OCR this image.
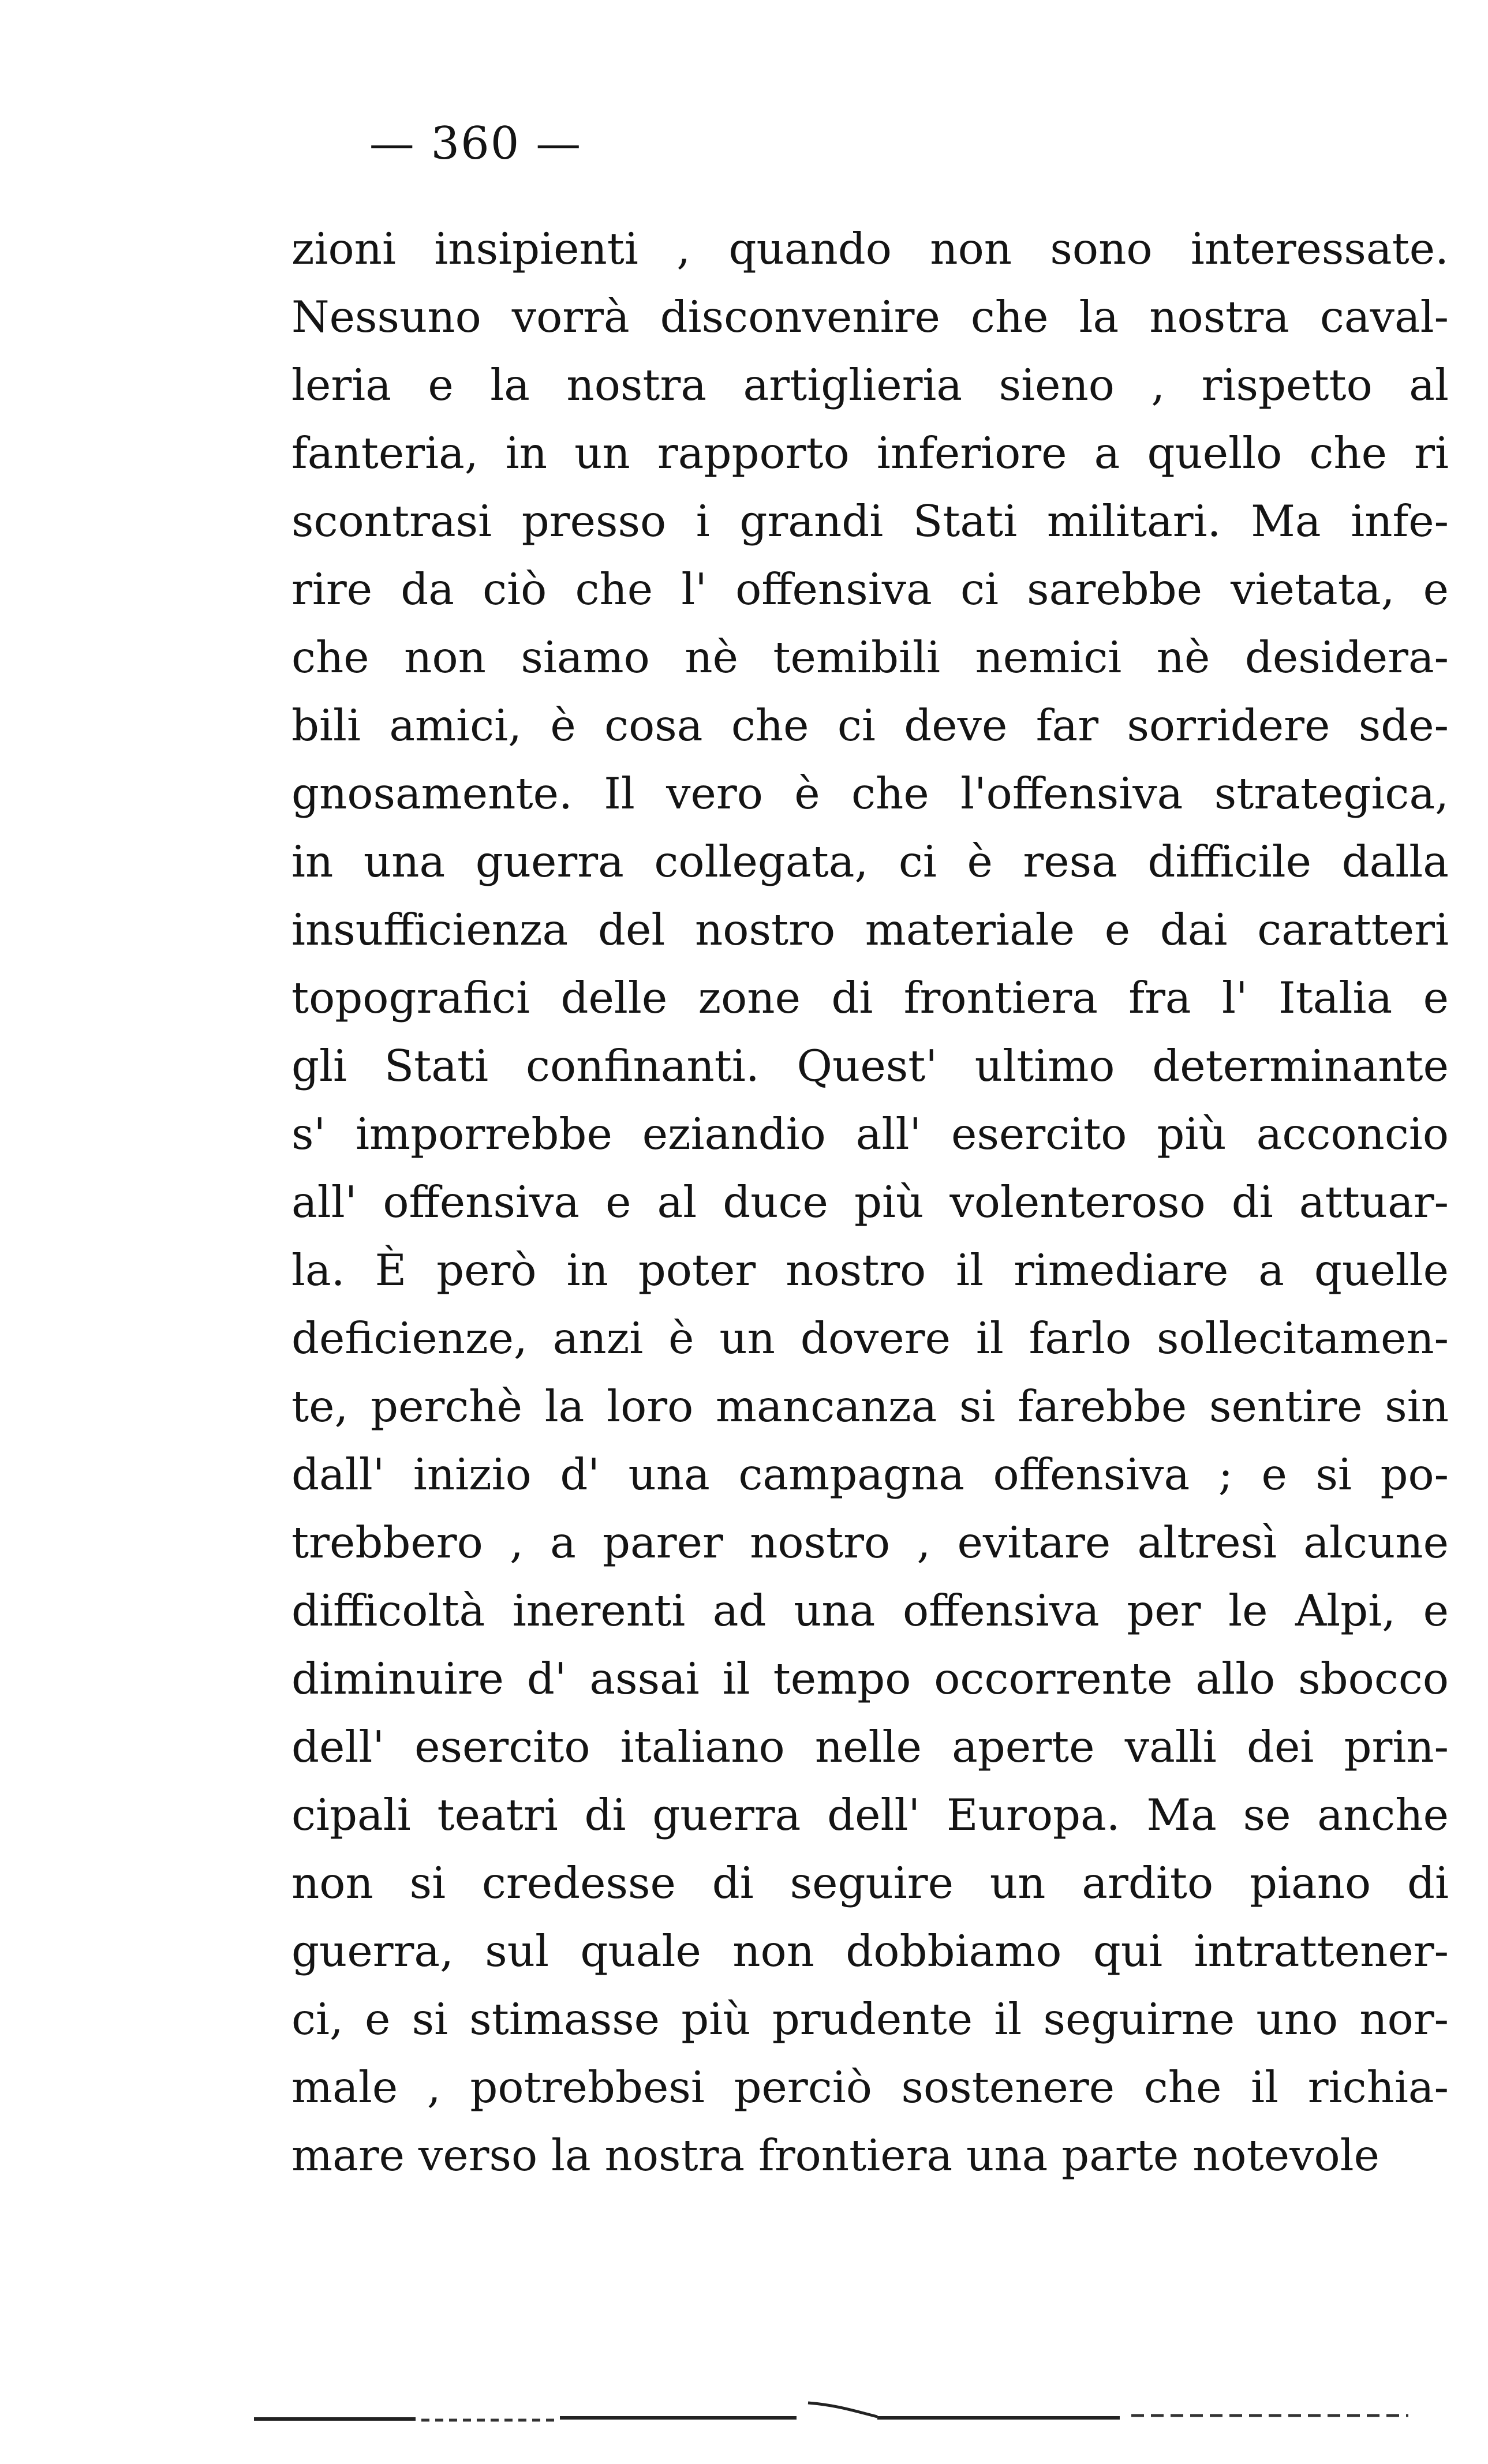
— 360 —
zioni insipienti , quando non sono interessate.
Nessuno vorrà disconvenire che la nostra caval-
leria e la nostra artiglieria sieno , rispetto al
fanteria, in un rapporto inferiore a quello che ri
scontrasi presso i grandi Stati militari. Ma infe-
rire da ciò che l' offensiva ci sarebbe vietata, e
che non siamo nè temibili nemici nè desidera-
bili amici, è cosa che ci deve far sorridere sde-
gnosamente. Il vero è che l'offensiva strategica,
in una guerra collegata, ci è resa difficile dalla
insufficienza del nostro materiale e dai caratteri
topografici delle zone di frontiera fra l' Italia e
gli Stati confinanti. Quest' ultimo determinante
s' imporrebbe eziandio all' esercito più acconcio
all' offensiva e al duce più volenteroso di attuar-
la. È però in poter nostro il rimediare a quelle
deficienze, anzi è un dovere il farlo sollecitamen-
te, perchè la loro mancanza si farebbe sentire sin
dall' inizio d' una campagna offensiva ; e si po-
trebbero , a parer nostro , evitare altresì alcune
difficoltà inerenti ad una offensiva per le Alpi, e
diminuire d' assai il tempo occorrente allo sbocco
dell' esercito italiano nelle aperte valli dei prin-
cipali teatri di guerra dell' Europa. Ma se anche
non si credesse di seguire un ardito piano di
guerra, sul quale non dobbiamo qui intrattener-
ci, e si stimasse più prudente il seguirne uno nor-
male , potrebbesi perciò sostenere che il richia-
mare verso la nostra frontiera una parte notevole
